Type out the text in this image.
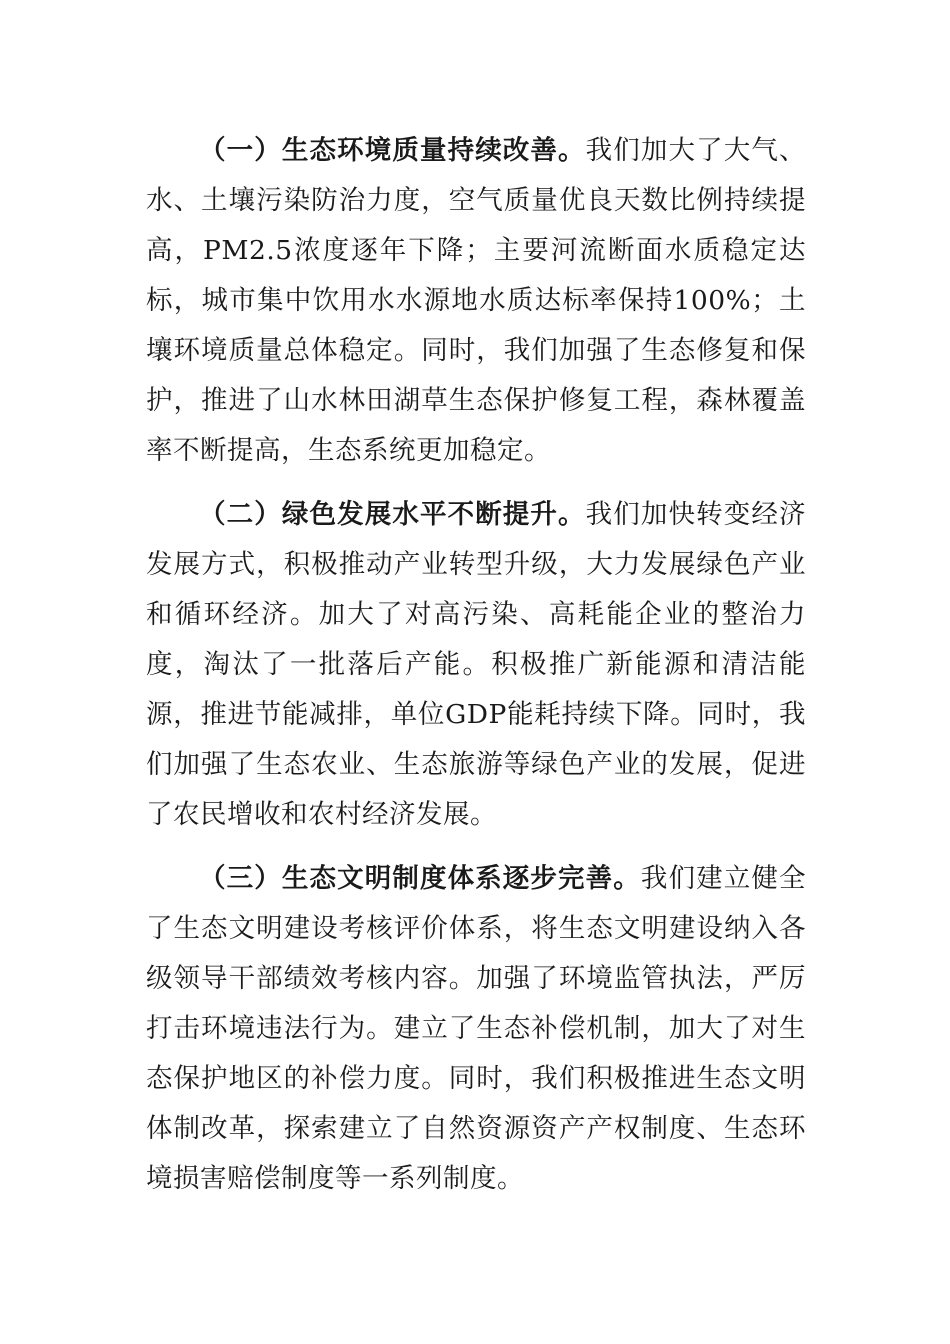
（一）生态环境质量持续改善。我们加大了大气、水、土壤污染防治力度，空气质量优良天数比例持续提高，PM2.5浓度逐年下降；主要河流断面水质稳定达标，城市集中饮用水水源地水质达标率保持100%；土壤环境质量总体稳定。同时，我们加强了生态修复和保护，推进了山水林田湖草生态保护修复工程，森林覆盖率不断提高，生态系统更加稳定。

（二）绿色发展水平不断提升。我们加快转变经济发展方式，积极推动产业转型升级，大力发展绿色产业和循环经济。加大了对高污染、高耗能企业的整治力度，淘汰了一批落后产能。积极推广新能源和清洁能源，推进节能减排，单位GDP能耗持续下降。同时，我们加强了生态农业、生态旅游等绿色产业的发展，促进了农民增收和农村经济发展。

（三）生态文明制度体系逐步完善。我们建立健全了生态文明建设考核评价体系，将生态文明建设纳入各级领导干部绩效考核内容。加强了环境监管执法，严厉打击环境违法行为。建立了生态补偿机制，加大了对生态保护地区的补偿力度。同时，我们积极推进生态文明体制改革，探索建立了自然资源资产产权制度、生态环境损害赔偿制度等一系列制度。
